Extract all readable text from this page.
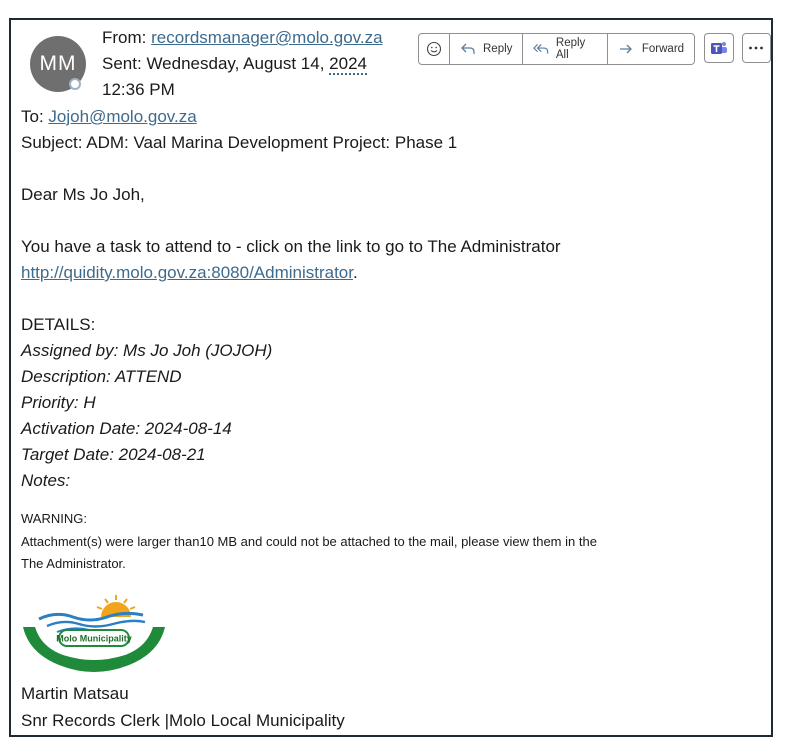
MM
From: recordsmanager@molo.gov.za
Sent: Wednesday, August 14, 2024
12:36 PM
Reply	Reply All	Forward
To: Jojoh@molo.gov.za
Subject: ADM: Vaal Marina Development Project: Phase 1
Dear Ms Jo Joh,
You have a task to attend to - click on the link to go to The Administrator
http://quidity.molo.gov.za:8080/Administrator.
DETAILS:
Assigned by: Ms Jo Joh (JOJOH)
Description: ATTEND
Priority: H
Activation Date: 2024-08-14
Target Date: 2024-08-21
Notes:
WARNING:
Attachment(s) were larger than10 MB and could not be attached to the mail, please view them in the
The Administrator.
Molo Municipality
Martin Matsau
Snr Records Clerk |Molo Local Municipality
